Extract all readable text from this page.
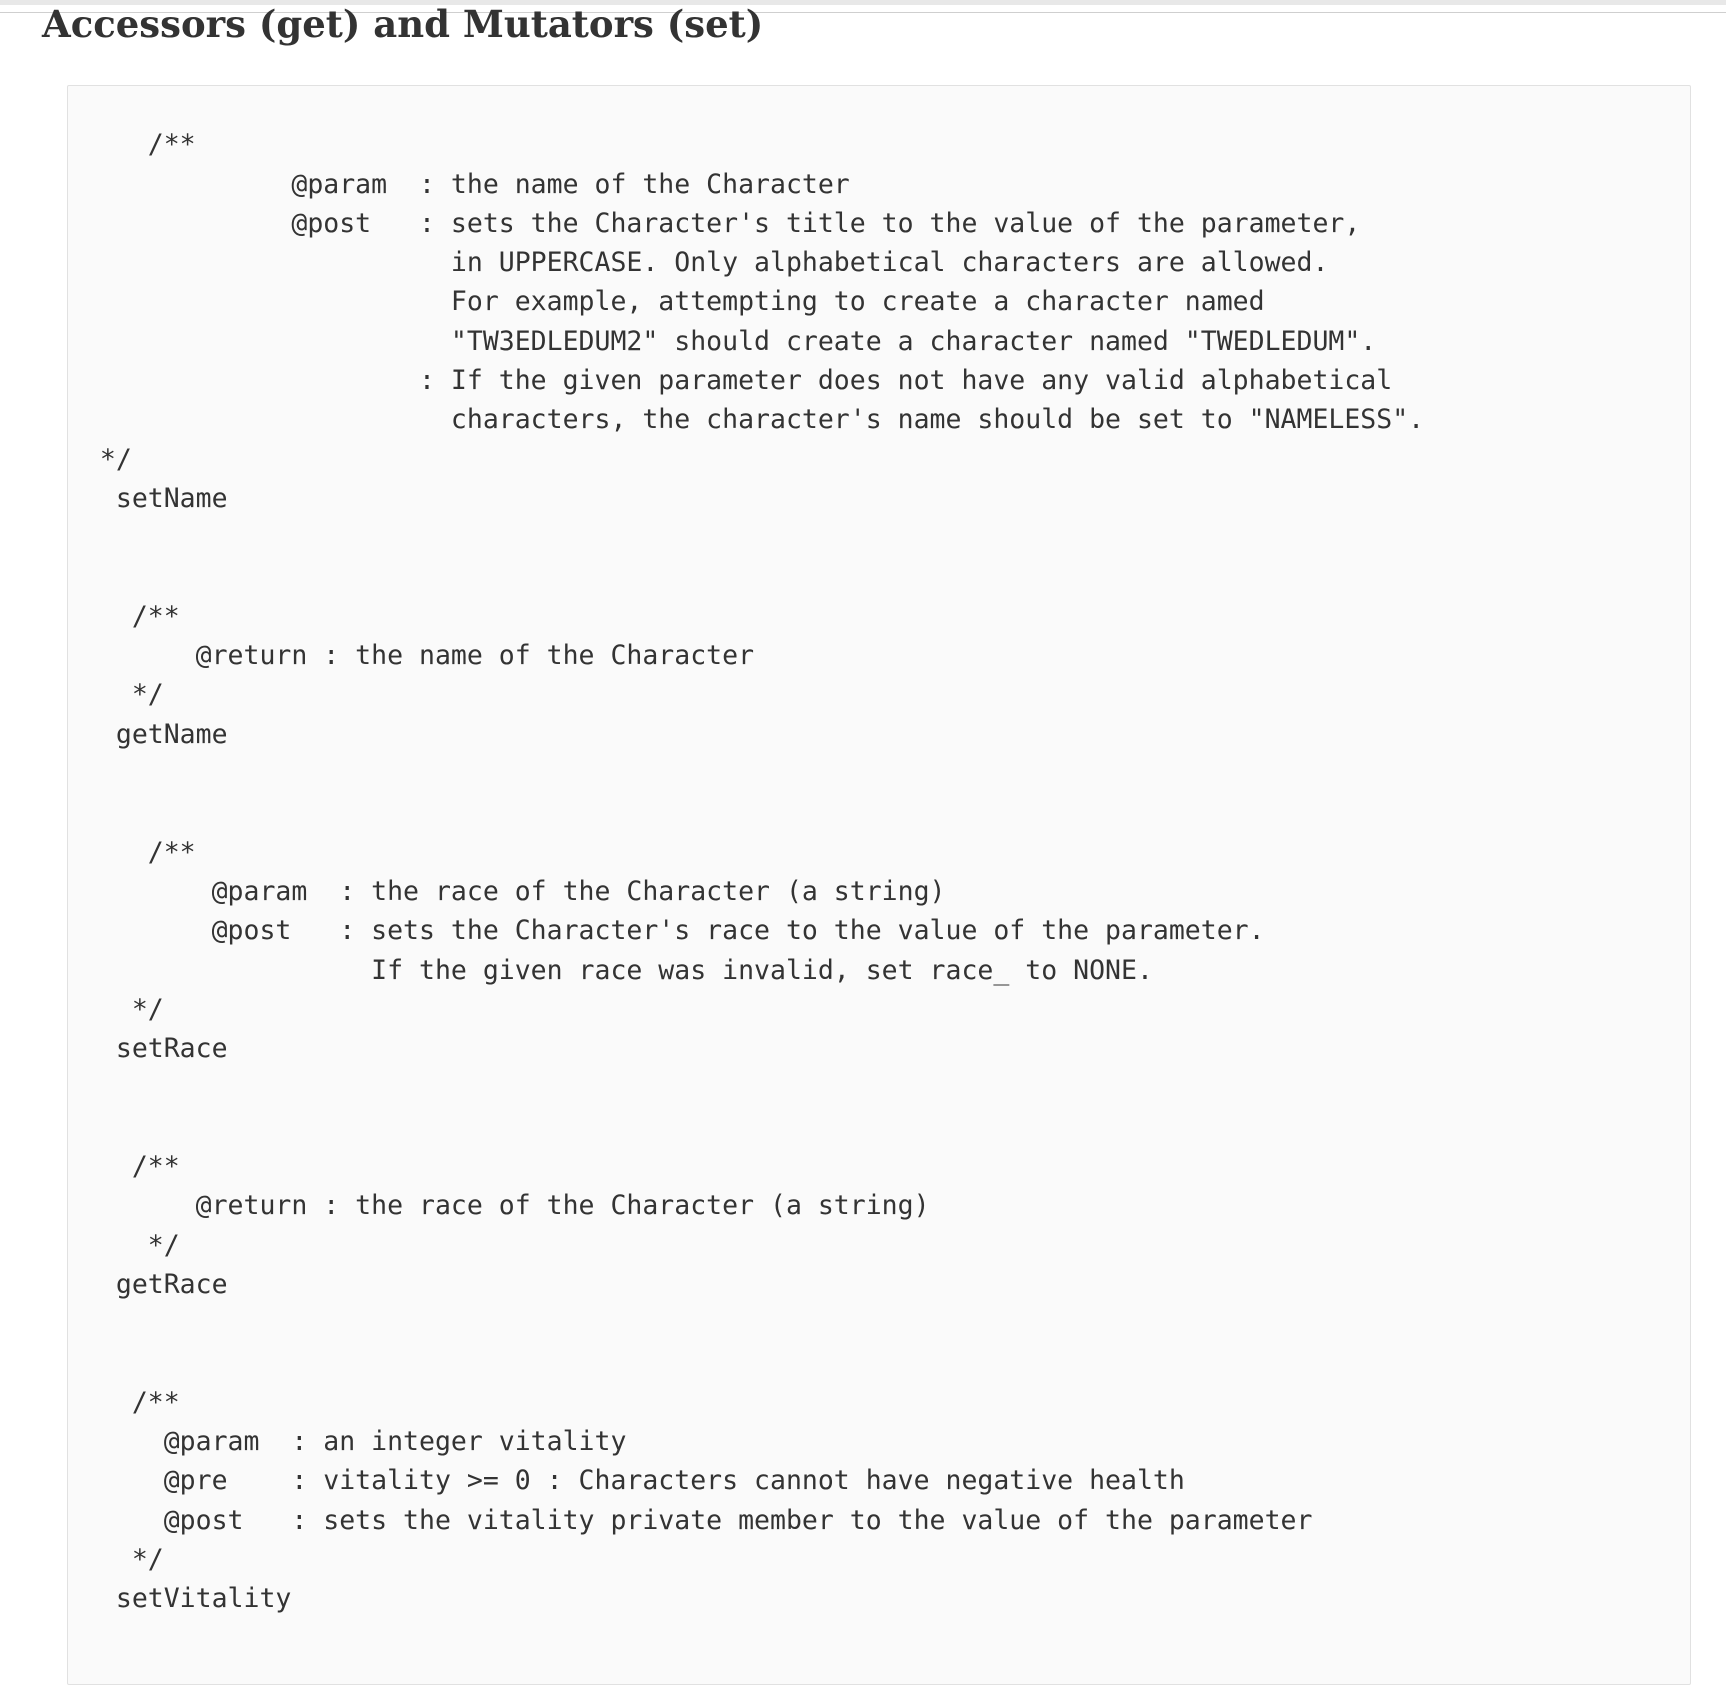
Accessors (get) and Mutators (set)
/**
@param  : the name of the Character
@post   : sets the Character's title to the value of the parameter,
in UPPERCASE. Only alphabetical characters are allowed.
For example, attempting to create a character named
"TW3EDLEDUM2" should create a character named "TWEDLEDUM".
: If the given parameter does not have any valid alphabetical
characters, the character's name should be set to "NAMELESS".
*/
setName
/**
@return : the name of the Character
*/
getName
/**
@param  : the race of the Character (a string)
@post   : sets the Character's race to the value of the parameter.
If the given race was invalid, set race_ to NONE.
*/
setRace
/**
@return : the race of the Character (a string)
*/
getRace
/**
@param  : an integer vitality
@pre    : vitality >= 0 : Characters cannot have negative health
@post   : sets the vitality private member to the value of the parameter
*/
setVitality
